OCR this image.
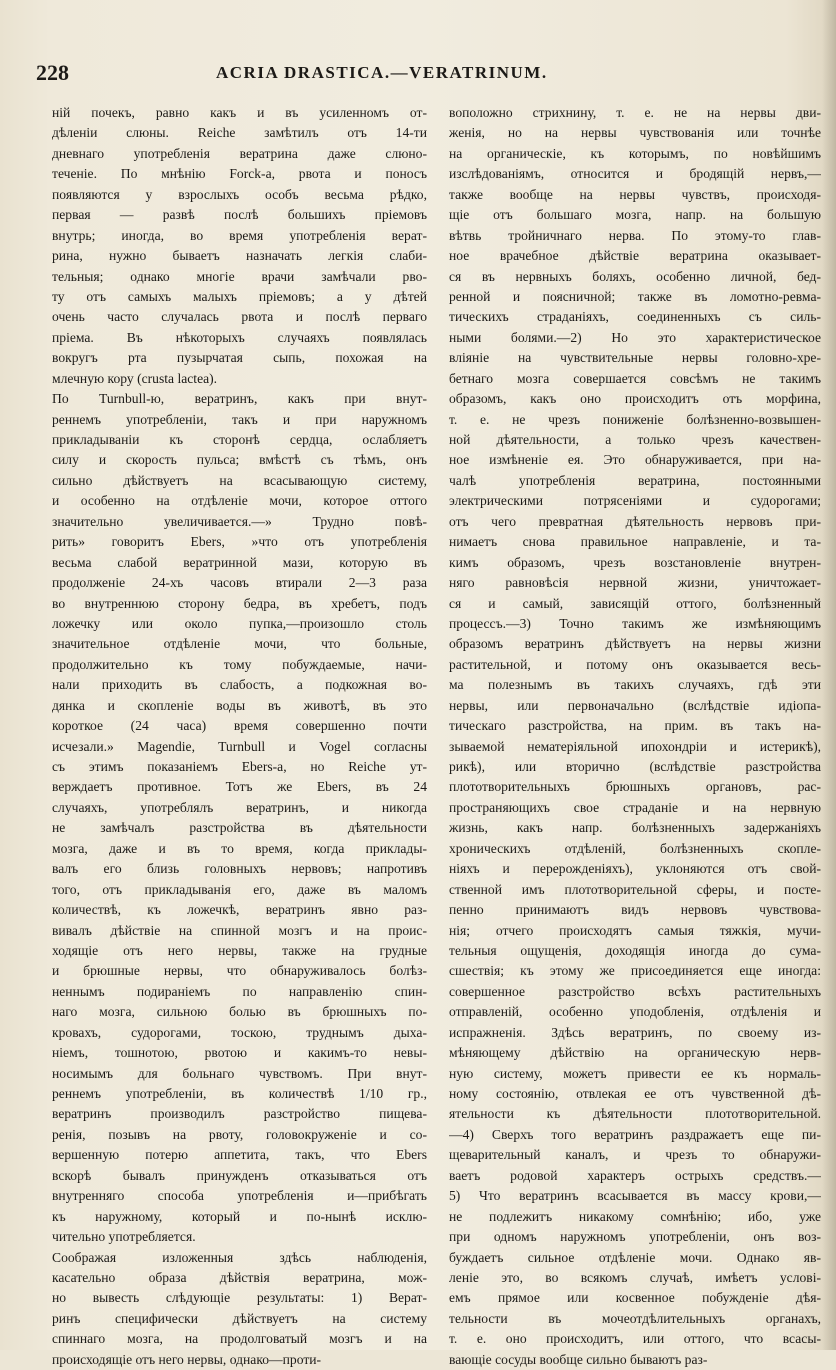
228	ACRIA DRASTICA.—VERATRINUM.
ній почекъ, равно какъ и въ усиленномъ от-
дѣленіи слюны. Reiche замѣтилъ отъ 14-ти
дневнаго употребленія вератрина даже слюно-
теченіе. По мнѣнію Forck-а, рвота и поносъ
появляются у взрослыхъ особъ весьма рѣдко,
первая — развѣ послѣ большихъ пріемовъ
внутрь; иногда, во время употребленія верат-
рина, нужно бываетъ назначать легкія слаби-
тельныя; однако многіе врачи замѣчали рво-
ту отъ самыхъ малыхъ пріемовъ; а у дѣтей
очень часто случалась рвота и послѣ перваго
пріема. Въ нѣкоторыхъ случаяхъ появлялась
вокругъ рта пузырчатая сыпь, похожая на
млечную кору (crusta lactea).
По Turnbull-ю, вератринъ, какъ при внут-
реннемъ употребленіи, такъ и при наружномъ
прикладываніи къ сторонѣ сердца, ослабляетъ
силу и скорость пульса; вмѣстѣ съ тѣмъ, онъ
сильно дѣйствуетъ на всасывающую систему,
и особенно на отдѣленіе мочи, которое оттого
значительно увеличивается.—» Трудно повѣ-
рить» говоритъ Ebers, »что отъ употребленія
весьма слабой вератринной мази, которую въ
продолженіе 24-хъ часовъ втирали 2—3 раза
во внутреннюю сторону бедра, въ хребетъ, подъ
ложечку или около пупка,—произошло столь
значительное отдѣленіе мочи, что больные,
продолжительно къ тому побуждаемые, начи-
нали приходить въ слабость, а подкожная во-
дянка и скопленіе воды въ животѣ, въ это
короткое (24 часа) время совершенно почти
исчезали.» Magendie, Turnbull и Vogel согласны
съ этимъ показаніемъ Ebers-а, но Reiche ут-
верждаетъ противное. Тотъ же Ebers, въ 24
случаяхъ, употреблялъ вератринъ, и никогда
не замѣчалъ разстройства въ дѣятельности
мозга, даже и въ то время, когда приклады-
валъ его близь головныхъ нервовъ; напротивъ
того, отъ прикладыванія его, даже въ маломъ
количествѣ, къ ложечкѣ, вератринъ явно раз-
вивалъ дѣйствіе на спинной мозгъ и на проис-
ходящіе отъ него нервы, также на грудные
и брюшные нервы, что обнаруживалось болѣз-
неннымъ подираніемъ по направленію спин-
наго мозга, сильною болью въ брюшныхъ по-
кровахъ, судорогами, тоскою, труднымъ дыха-
ніемъ, тошнотою, рвотою и какимъ-то невы-
носимымъ для больнаго чувствомъ. При внут-
реннемъ употребленіи, въ количествѣ 1/10 гр.,
вератринъ производилъ разстройство пищева-
ренія, позывъ на рвоту, головокруженіе и со-
вершенную потерю аппетита, такъ, что Ebers
вскорѣ бывалъ принужденъ отказываться отъ
внутренняго способа употребленія и—прибѣгать
къ наружному, который и по-нынѣ исклю-
чительно употребляется.
Соображая изложенныя здѣсь наблюденія,
касательно образа дѣйствія вератрина, мож-
но вывесть слѣдующіе результаты: 1) Верат-
ринъ специфически дѣйствуетъ на систему
спиннаго мозга, на продолговатый мозгъ и на
происходящіе отъ него нервы, однако—проти-
воположно стрихнину, т. е. не на нервы дви-
женія, но на нервы чувствованія или точнѣе
на органическіе, къ которымъ, по новѣйшимъ
изслѣдованіямъ, относится и бродящій нервъ,—
также вообще на нервы чувствъ, происходя-
щіе отъ большаго мозга, напр. на большую
вѣтвь тройничнаго нерва. По этому-то глав-
ное врачебное дѣйствіе вератрина оказывает-
ся въ нервныхъ боляхъ, особенно личной, бед-
ренной и поясничной; также въ ломотно-ревма-
тическихъ страданіяхъ, соединенныхъ съ силь-
ными болями.—2) Но это характеристическое
вліяніе на чувствительные нервы головно-хре-
бетнаго мозга совершается совсѣмъ не такимъ
образомъ, какъ оно происходитъ отъ морфина,
т. е. не чрезъ пониженіе болѣзненно-возвышен-
ной дѣятельности, а только чрезъ качествен-
ное измѣненіе ея. Это обнаруживается, при на-
чалѣ употребленія вератрина, постоянными
электрическими потрясеніями и судорогами;
отъ чего превратная дѣятельность нервовъ при-
нимаетъ снова правильное направленіе, и та-
кимъ образомъ, чрезъ возстановленіе внутрен-
няго равновѣсія нервной жизни, уничтожает-
ся и самый, зависящій оттого, болѣзненный
процессъ.—3) Точно такимъ же измѣняющимъ
образомъ вератринъ дѣйствуетъ на нервы жизни
растительной, и потому онъ оказывается весь-
ма полезнымъ въ такихъ случаяхъ, гдѣ эти
нервы, или первоначально (вслѣдствіе идіопа-
тическаго разстройства, на прим. въ такъ на-
зываемой нематеріяльной ипохондріи и истерикѣ),
рикѣ), или вторично (вслѣдствіе разстройства
плототворительныхъ брюшныхъ органовъ, рас-
пространяющихъ свое страданіе и на нервную
жизнь, какъ напр. болѣзненныхъ задержаніяхъ
хроническихъ отдѣленій, болѣзненныхъ скопле-
ніяхъ и перерожденіяхъ), уклоняются отъ свой-
ственной имъ плототворительной сферы, и посте-
пенно принимаютъ видъ нервовъ чувствова-
нія; отчего происходятъ самыя тяжкія, мучи-
тельныя ощущенія, доходящія иногда до сума-
сшествія; къ этому же присоединяется еще иногда:
совершенное разстройство всѣхъ растительныхъ
отправленій, особенно уподобленія, отдѣленія и
испражненія. Здѣсь вератринъ, по своему из-
мѣняющему дѣйствію на органическую нерв-
ную систему, можетъ привести ее къ нормаль-
ному состоянію, отвлекая ее отъ чувственной дѣ-
ятельности къ дѣятельности плототворительной.
—4) Сверхъ того вератринъ раздражаетъ еще пи-
щеварительный каналъ, и чрезъ то обнаружи-
ваетъ родовой характеръ острыхъ средствъ.—
5) Что вератринъ всасывается въ массу крови,—
не подлежитъ никакому сомнѣнію; ибо, уже
при одномъ наружномъ употребленіи, онъ воз-
буждаетъ сильное отдѣленіе мочи. Однако яв-
леніе это, во всякомъ случаѣ, имѣетъ услові-
емъ прямое или косвенное побужденіе дѣя-
тельности въ мочеотдѣлительныхъ органахъ,
т. е. оно происходитъ, или оттого, что всасы-
вающіе сосуды вообще сильно бываютъ раз-
